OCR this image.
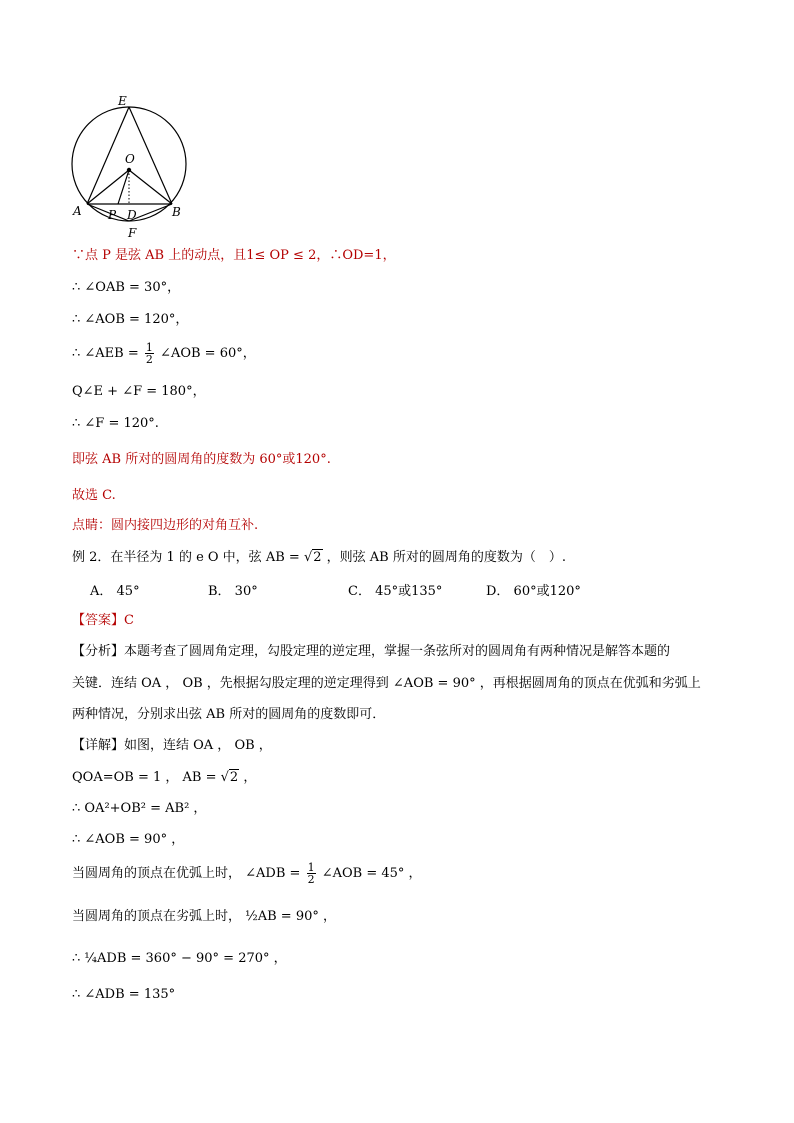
E
O
A P D	B
F
∵点 P 是弦 AB 上的动点，且1≤ OP ≤ 2，∴OD=1，
∴ ∠OAB = 30°，
∴ ∠AOB = 120°，
∴ ∠AEB = $\frac{1}{2}$ ∠AOB = 60°，
Q∠E + ∠F = 180°，
∴ ∠F = 120°.
即弦 AB 所对的圆周角的度数为 60°或120°.
故选 C.
点睛：圆内接四边形的对角互补.
例 2．在半径为 1 的 e O 中，弦 AB = √2 ，则弦 AB 所对的圆周角的度数为（　）.
A． 45°	B． 30°	C． 45°或135°	D． 60°或120°
【答案】C
【分析】本题考查了圆周角定理，勾股定理的逆定理，掌握一条弦所对的圆周角有两种情况是解答本题的
关键．连结 OA ， OB ，先根据勾股定理的逆定理得到 ∠AOB = 90° ，再根据圆周角的顶点在优弧和劣弧上
两种情况，分别求出弦 AB 所对的圆周角的度数即可．
【详解】如图，连结 OA ， OB ，
QOA=OB = 1 ， AB = √2 ，
∴ OA²+OB² = AB² ，
∴ ∠AOB = 90° ，
当圆周角的顶点在优弧上时， ∠ADB = $\frac{1}{2}$ ∠AOB = 45° ，
当圆周角的顶点在劣弧上时， ½AB = 90° ，
∴ ¼ADB = 360° − 90° = 270° ，
∴ ∠ADB = 135°
